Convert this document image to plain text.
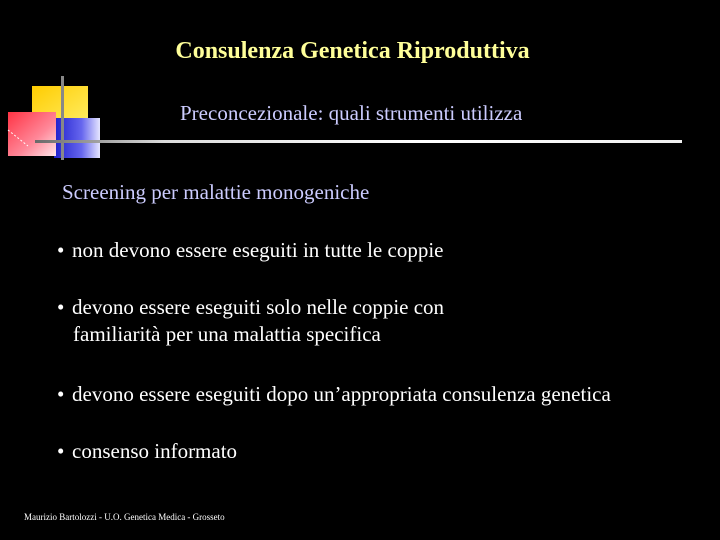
Consulenza Genetica Riproduttiva
Preconcezionale: quali strumenti utilizza
Screening per malattie monogeniche
• non devono essere eseguiti in tutte le coppie
• devono essere eseguiti solo nelle coppie con
familiarità per una malattia specifica
• devono essere eseguiti dopo un’appropriata consulenza genetica
• consenso informato
Maurizio Bartolozzi - U.O. Genetica Medica - Grosseto
